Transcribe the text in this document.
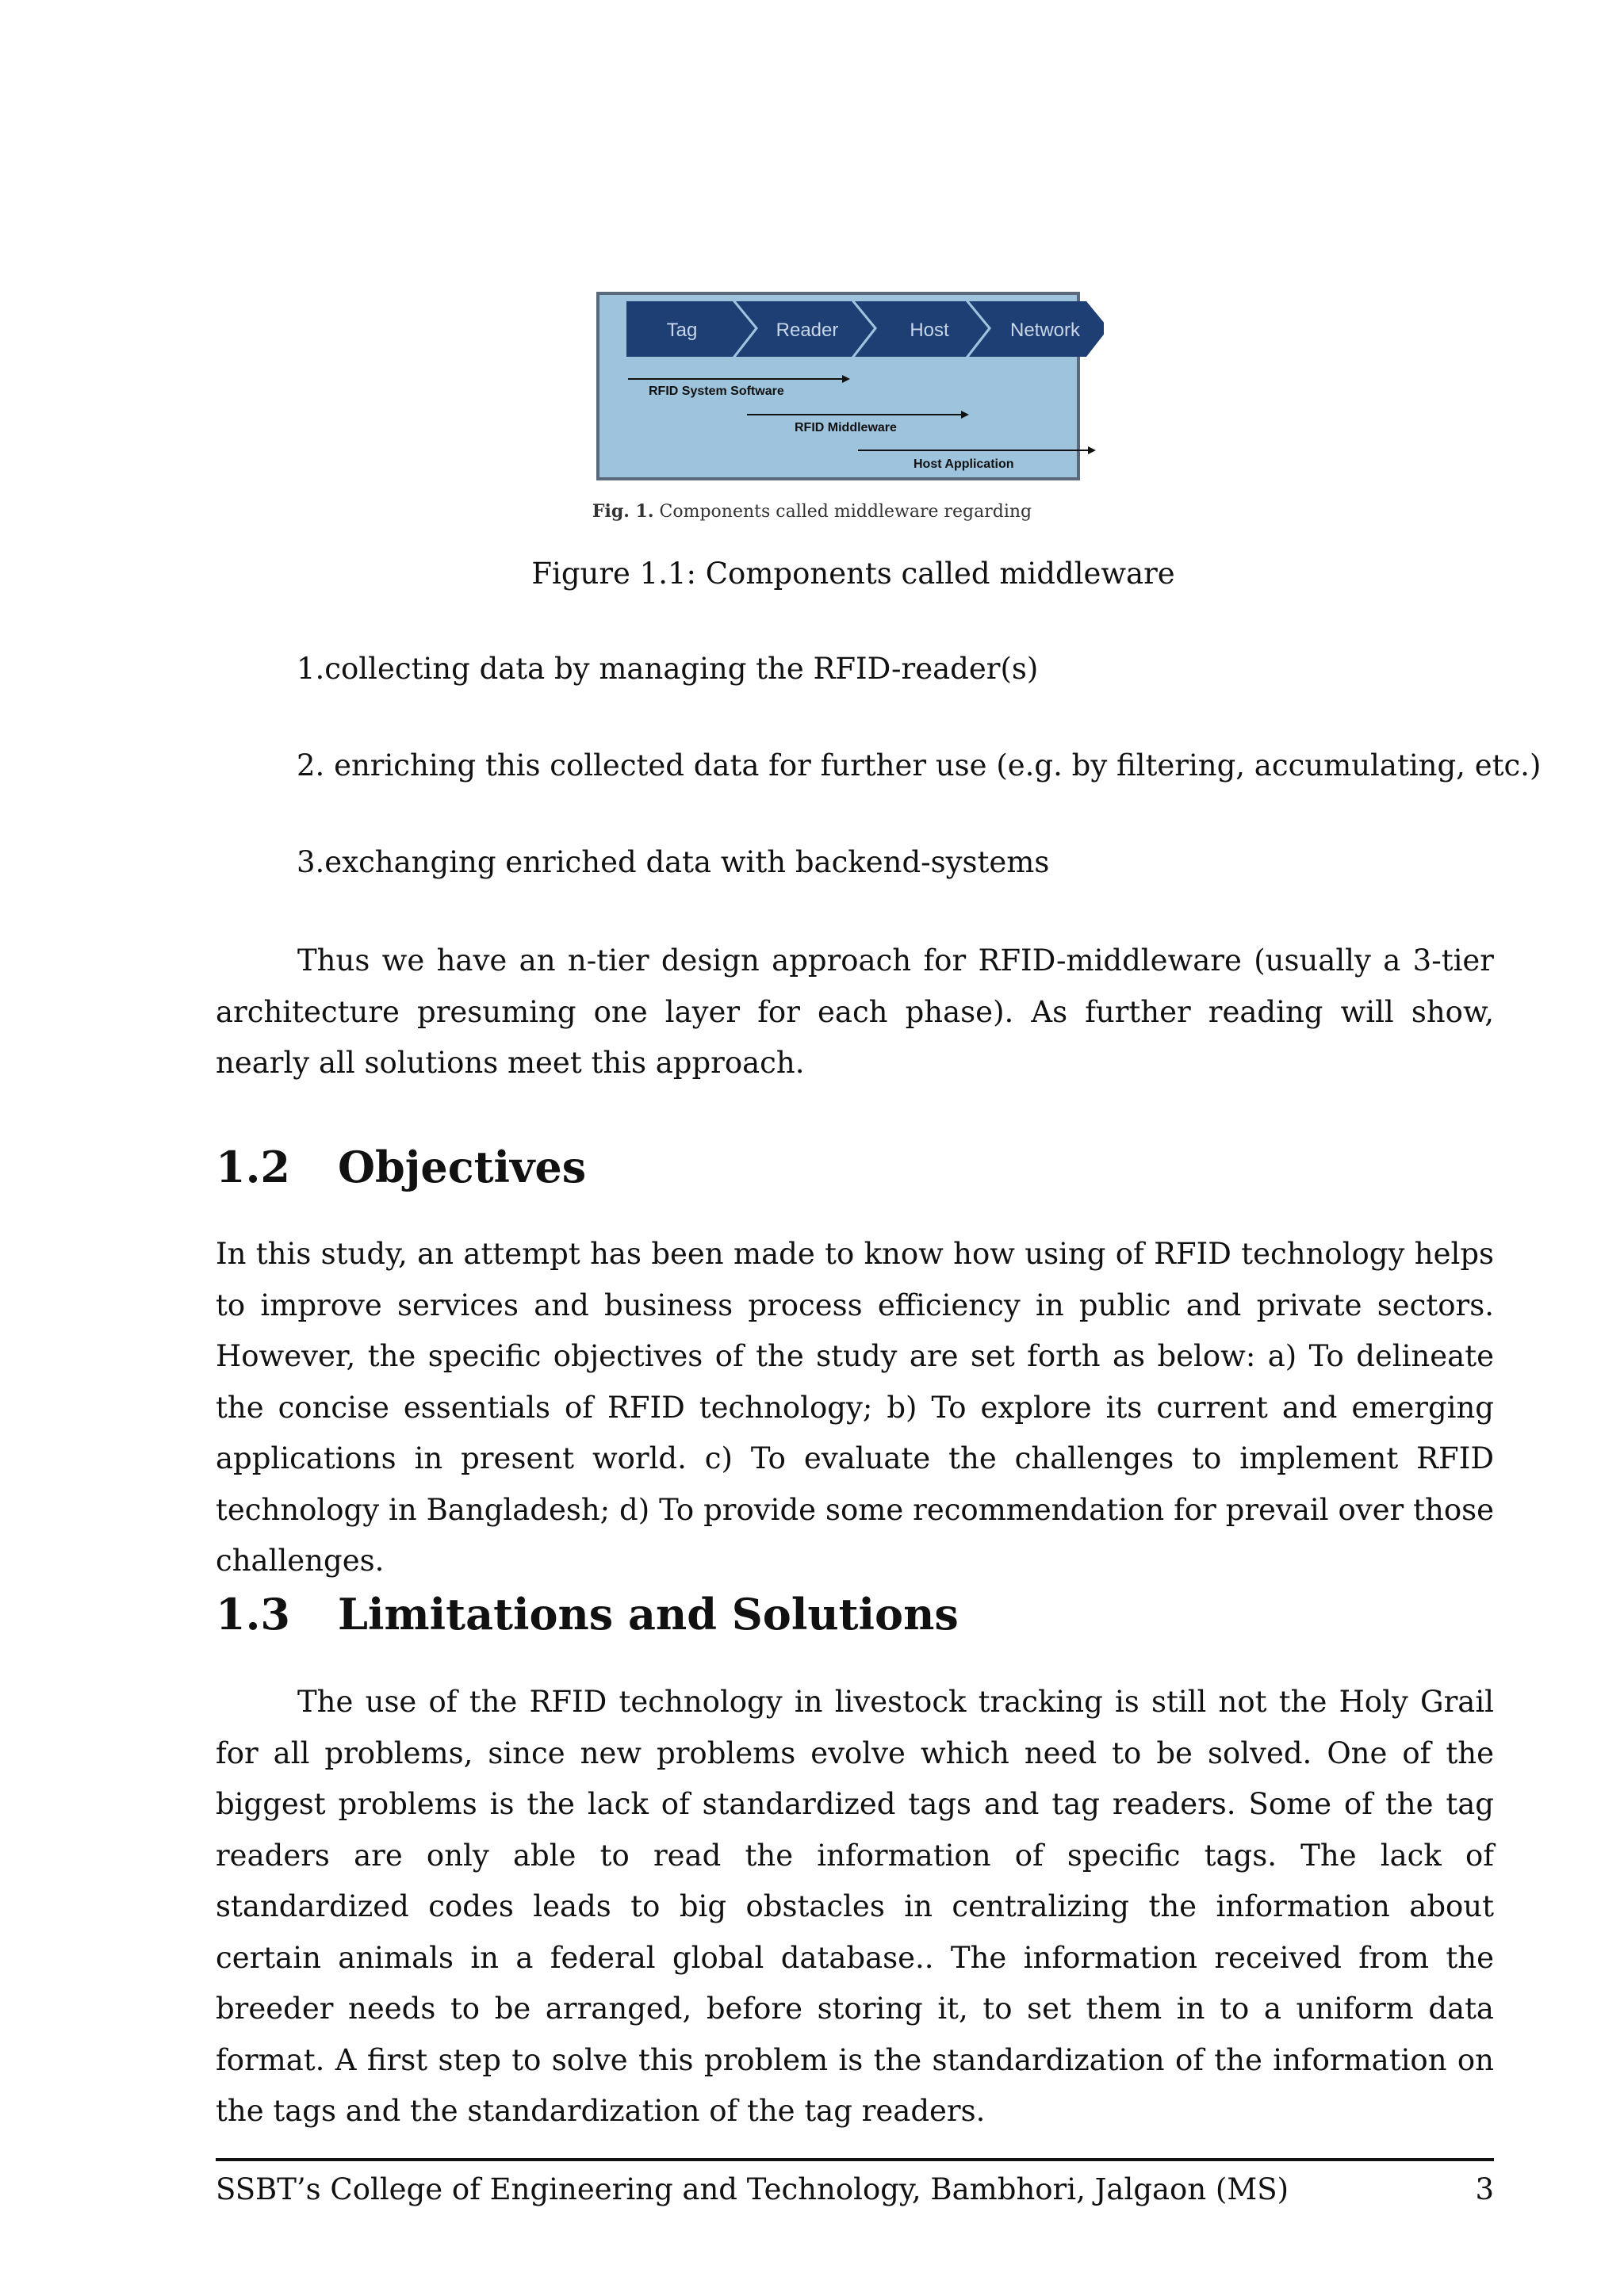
Tag	Reader	Host	Network
RFID System Software
RFID Middleware
Host Application
Fig. 1. Components called middleware regarding
Figure 1.1: Components called middleware
1.collecting data by managing the RFID-reader(s)
2. enriching this collected data for further use (e.g. by filtering, accumulating, etc.)
3.exchanging enriched data with backend-systems

Thus we have an n-tier design approach for RFID-middleware (usually a 3-tier architecture presuming one layer for each phase). As further reading will show, nearly all solutions meet this approach.

1.2 Objectives

In this study, an attempt has been made to know how using of RFID technology helps to improve services and business process efficiency in public and private sectors. However, the specific objectives of the study are set forth as below: a) To delineate the concise essentials of RFID technology; b) To explore its current and emerging applications in present world. c) To evaluate the challenges to implement RFID technology in Bangladesh; d) To provide some recommendation for prevail over those challenges.

1.3 Limitations and Solutions

The use of the RFID technology in livestock tracking is still not the Holy Grail for all problems, since new problems evolve which need to be solved. One of the biggest problems is the lack of standardized tags and tag readers. Some of the tag readers are only able to read the information of specific tags. The lack of standardized codes leads to big obstacles in centralizing the information about certain animals in a federal global database.. The information received from the breeder needs to be arranged, before storing it, to set them in to a uniform data format. A first step to solve this problem is the standardization of the information on the tags and the standardization of the tag readers.

SSBT’s College of Engineering and Technology, Bambhori, Jalgaon (MS)	3
